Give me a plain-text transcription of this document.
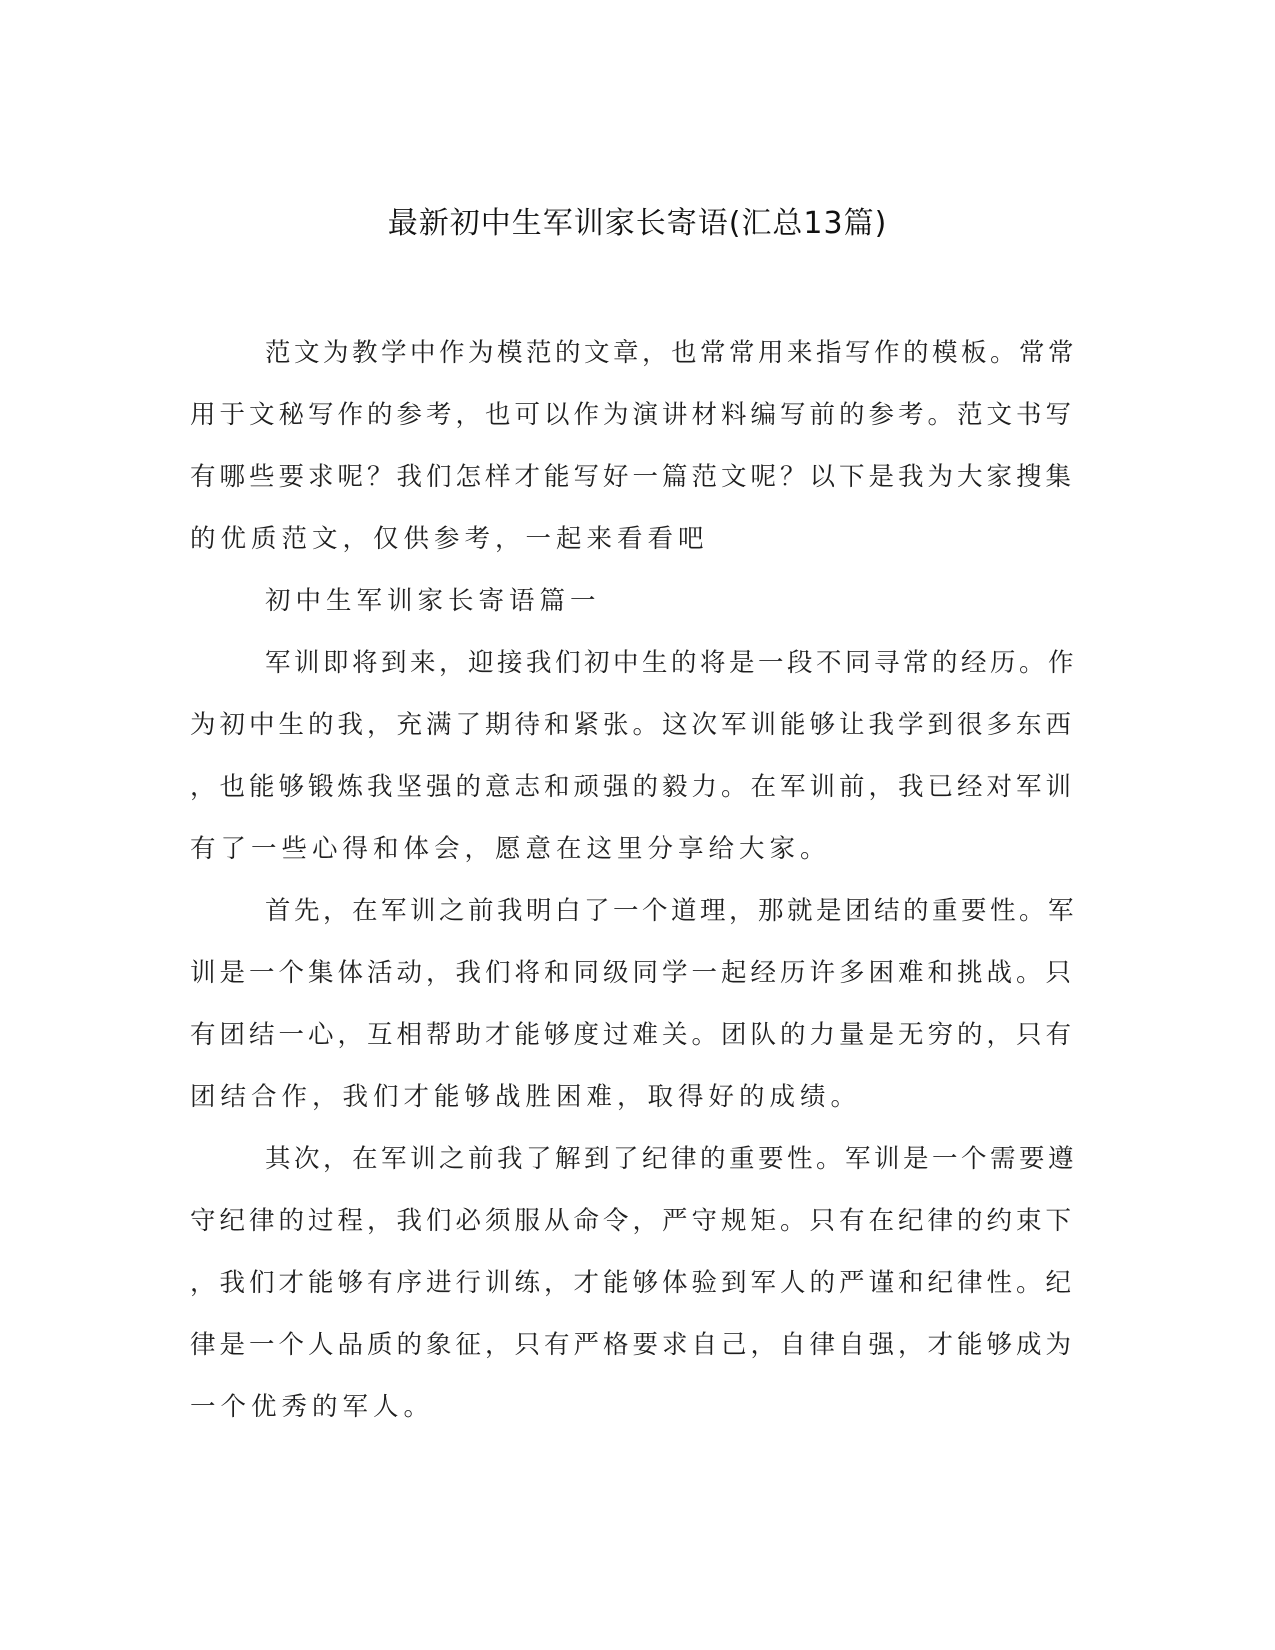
最新初中生军训家长寄语(汇总13篇)
范文为教学中作为模范的文章，也常常用来指写作的模板。常常
用于文秘写作的参考，也可以作为演讲材料编写前的参考。范文书写
有哪些要求呢？我们怎样才能写好一篇范文呢？以下是我为大家搜集
的优质范文，仅供参考，一起来看看吧
初中生军训家长寄语篇一
军训即将到来，迎接我们初中生的将是一段不同寻常的经历。作
为初中生的我，充满了期待和紧张。这次军训能够让我学到很多东西
，也能够锻炼我坚强的意志和顽强的毅力。在军训前，我已经对军训
有了一些心得和体会，愿意在这里分享给大家。
首先，在军训之前我明白了一个道理，那就是团结的重要性。军
训是一个集体活动，我们将和同级同学一起经历许多困难和挑战。只
有团结一心，互相帮助才能够度过难关。团队的力量是无穷的，只有
团结合作，我们才能够战胜困难，取得好的成绩。
其次，在军训之前我了解到了纪律的重要性。军训是一个需要遵
守纪律的过程，我们必须服从命令，严守规矩。只有在纪律的约束下
，我们才能够有序进行训练，才能够体验到军人的严谨和纪律性。纪
律是一个人品质的象征，只有严格要求自己，自律自强，才能够成为
一个优秀的军人。
